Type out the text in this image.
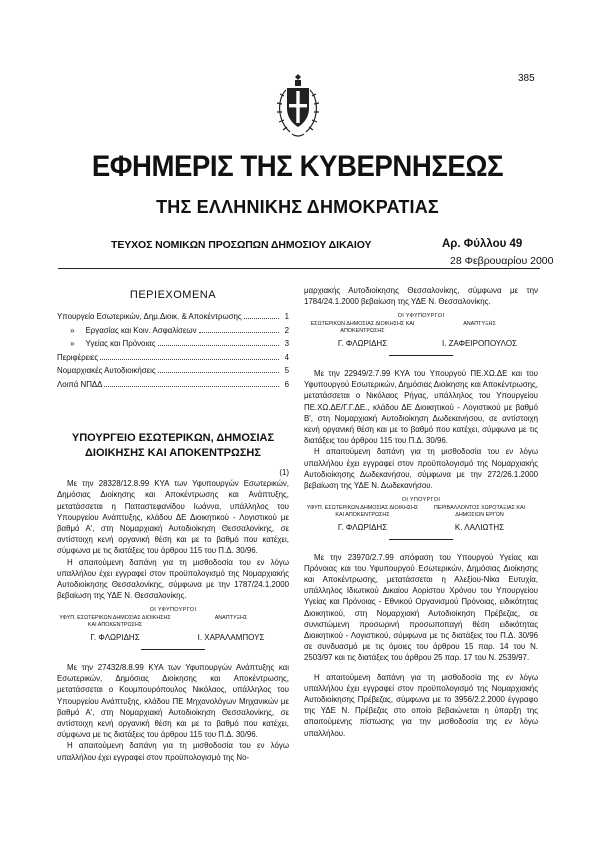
385
ΕΦΗΜΕΡΙΣ ΤΗΣ ΚΥΒΕΡΝΗΣΕΩΣ
ΤΗΣ ΕΛΛΗΝΙΚΗΣ ΔΗΜΟΚΡΑΤΙΑΣ
ΤΕΥΧΟΣ ΝΟΜΙΚΩΝ ΠΡΟΣΩΠΩΝ ΔΗΜΟΣΙΟΥ ΔΙΚΑΙΟΥ	Αρ. Φύλλου 49
28 Φεβρουαρίου 2000
ΠΕΡΙΕΧΟΜΕΝΑ
Υπουργείο Εσωτερικών, Δημ.Διοικ. & Αποκέντρωσης	1
» Εργασίας και Κοιν. Ασφαλίσεων	2
» Υγείας και Πρόνοιας	3
Περιφέρειες	4
Νομαρχιακές Αυτοδιοικήσεις	5
Λοιπά ΝΠΔΔ	6
ΥΠΟΥΡΓΕΙΟ ΕΣΩΤΕΡΙΚΩΝ, ΔΗΜΟΣΙΑΣ
ΔΙΟΙΚΗΣΗΣ ΚΑΙ ΑΠΟΚΕΝΤΡΩΣΗΣ
(1)

Με την 28328/12.8.99 ΚΥΑ των Υφυπουργών Εσωτερικών, Δημόσιας Διοίκησης και Αποκέντρωσης και Ανάπτυξης, μετατάσσεται η Παπαστεφανίδου Ιωάννα, υπάλληλος του Υπουργείου Ανάπτυξης, κλάδου ΔΕ Διοικητικού - Λογιστικού με βαθμό Α', στη Νομαρχιακή Αυτοδιοίκηση Θεσσαλονίκης, σε αντίστοιχη κενή οργανική θέση και με το βαθμό που κατέχει, σύμφωνα με τις διατάξεις του άρθρου 115 του Π.Δ. 30/96.

Η απαιτούμενη δαπάνη για τη μισθοδοσία του εν λόγω υπαλλήλου έχει εγγραφεί στον προϋπολογισμό της Νομαρχιακής Αυτοδιοίκησης Θεσσαλονίκης, σύμφωνα με την 1787/24.1.2000 βεβαίωση της ΥΔΕ Ν. Θεσσαλονίκης.

ΟΙ ΥΦΥΠΟΥΡΓΟΙ
ΥΦΥΠ. ΕΣΩΤΕΡΙΚΩΝ ΔΗΜΟΣΙΑΣ ΔΙΟΙΚΗΣΗΣ ΚΑΙ ΑΠΟΚΕΝΤΡΩΣΗΣ
Γ. ΦΛΩΡΙΔΗΣ
ΑΝΑΠΤΥΞΗΣ
Ι. ΧΑΡΑΛΑΜΠΟΥΣ

Με την 27432/8.8.99 ΚΥΑ των Υφυπουργών Ανάπτυξης και Εσωτερικών, Δημόσιας Διοίκησης και Αποκέντρωσης, μετατάσσεται ο Κουμπουρόπουλος Νικόλαος, υπάλληλος του Υπουργείου Ανάπτυξης, κλάδου ΠΕ Μηχανολόγων Μηχανικών με βαθμό Α', στη Νομαρχιακή Αυτοδιοίκηση Θεσσαλονίκης, σε αντίστοιχη κενή οργανική θέση και με το βαθμό που κατέχει, σύμφωνα με τις διατάξεις του άρθρου 115 του Π.Δ. 30/96.

Η απαιτούμενη δαπάνη για τη μισθοδοσία του εν λόγω υπαλλήλου έχει εγγραφεί στον προϋπολογισμό της Νο-

μαρχιακής Αυτοδιοίκησης Θεσσαλονίκης, σύμφωνα με την 1784/24.1.2000 βεβαίωση της ΥΔΕ Ν. Θεσσαλονίκης.

ΟΙ ΥΦΥΠΟΥΡΓΟΙ
ΕΣΩΤΕΡΙΚΩΝ ΔΗΜΟΣΙΑΣ ΔΙΟΙΚΗΣΗΣ ΚΑΙ ΑΠΟΚΕΝΤΡΩΣΗΣ
Γ. ΦΛΩΡΙΔΗΣ
ΑΝΑΠΤΥΞΗΣ
Ι. ΖΑΦΕΙΡΟΠΟΥΛΟΣ

Με την 22949/2.7.99 ΚΥΑ του Υπουργού ΠΕ.ΧΩ.ΔΕ και του Υφυπουργού Εσωτερικών, Δημόσιας Διοίκησης και Αποκέντρωσης, μετατάσσεται ο Νικόλαος Ρήγας, υπάλληλος του Υπουργείου ΠΕ.ΧΩ.ΔΕ/Γ.Γ.ΔΕ., κλάδου ΔΕ Διοικητικού - Λογιστικού με βαθμό Β', στη Νομαρχιακή Αυτοδιοίκηση Δωδεκανήσου, σε αντίστοιχη κενή οργανική θέση και με το βαθμό που κατέχει, σύμφωνα με τις διατάξεις του άρθρου 115 του Π.Δ. 30/96.

Η απαιτούμενη δαπάνη για τη μισθοδοσία του εν λόγω υπαλλήλου έχει εγγραφεί στον προϋπολογισμό της Νομαρχιακής Αυτοδιοίκησης Δωδεκανήσου, σύμφωνα με την 272/26.1.2000 βεβαίωση της ΥΔΕ Ν. Δωδεκανήσου.

ΟΙ ΥΠΟΥΡΓΟΙ
ΥΦΥΠ. ΕΣΩΤΕΡΙΚΩΝ ΔΗΜΟΣΙΑΣ ΔΙΟΙΚΗΣΗΣ ΚΑΙ ΑΠΟΚΕΝΤΡΩΣΗΣ
Γ. ΦΛΩΡΙΔΗΣ
ΠΕΡΙΒΑΛΛΟΝΤΟΣ ΧΩΡΟΤΑΞΙΑΣ ΚΑΙ ΔΗΜΟΣΙΩΝ ΕΡΓΩΝ
Κ. ΛΑΛΙΩΤΗΣ

Με την 23970/2.7.99 απόφαση του Υπουργού Υγείας και Πρόνοιας και του Υφυπουργού Εσωτερικών, Δημόσιας Διοίκησης και Αποκέντρωσης, μετατάσσεται η Αλεξίου-Νίκα Ευτυχία, υπάλληλος Ιδιωτικού Δικαίου Αορίστου Χρόνου του Υπουργείου Υγείας και Πρόνοιας - Εθνικού Οργανισμού Πρόνοιας, ειδικότητας Διοικητικού, στη Νομαρχιακή Αυτοδιοίκηση Πρέβεζας, σε συνιστώμενη προσωρινή προσωποπαγή θέση ειδικότητας Διοικητικού - Λογιστικού, σύμφωνα με τις διατάξεις του Π.Δ. 30/96 σε συνδυασμό με τις όμοιες του άρθρου 15 παρ. 14 του Ν. 2503/97 και τις διατάξεις του άρθρου 25 παρ. 17 του Ν. 2539/97.

Η απαιτούμενη δαπάνη για τη μισθοδοσία της εν λόγω υπαλλήλου έχει εγγραφεί στον προϋπολογισμό της Νομαρχιακής Αυτοδιοίκησης Πρέβεζας, σύμφωνα με το 3956/2.2.2000 έγγραφο της ΥΔΕ Ν. Πρέβεζας στο οποίο βεβαιώνεται η ύπαρξη της απαιτούμενης πίστωσης για την μισθοδοσία της εν λόγω υπαλλήλου.
